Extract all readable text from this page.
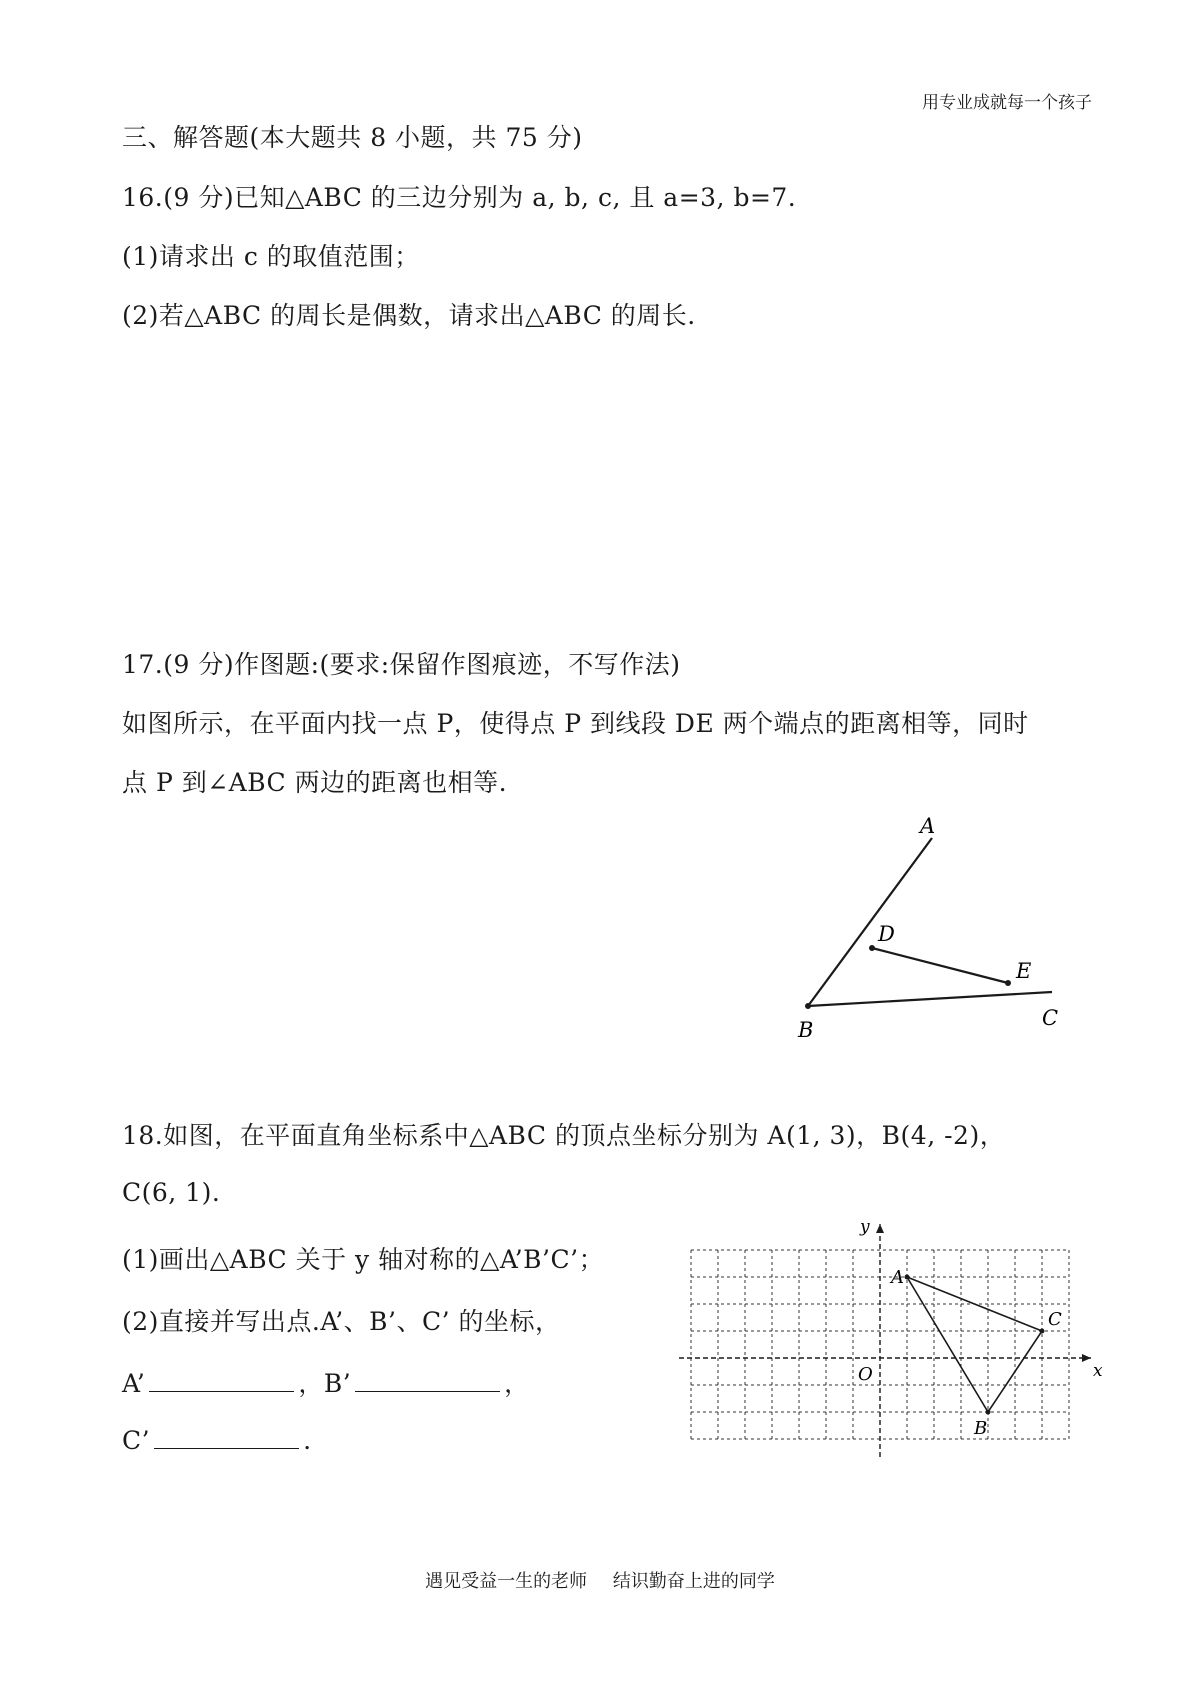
用专业成就每一个孩子
三、解答题(本大题共 8 小题，共 75 分)
16.(9 分)已知△ABC 的三边分别为 a, b, c, 且 a=3, b=7.
(1)请求出 c 的取值范围；
(2)若△ABC 的周长是偶数，请求出△ABC 的周长.
17.(9 分)作图题:(要求:保留作图痕迹，不写作法)
如图所示，在平面内找一点 P，使得点 P 到线段 DE 两个端点的距离相等，同时
点 P 到∠ABC 两边的距离也相等.
A
D
E
B	C
18.如图，在平面直角坐标系中△ABC 的顶点坐标分别为 A(1, 3)，B(4, -2)，
C(6, 1).
(1)画出△ABC 关于 y 轴对称的△A’B’C’；
(2)直接并写出点.A’、B’、C’ 的坐标，
A’	，B’	，
C’	.
x
y
O
A
B
C
遇见受益一生的老师 结识勤奋上进的同学
